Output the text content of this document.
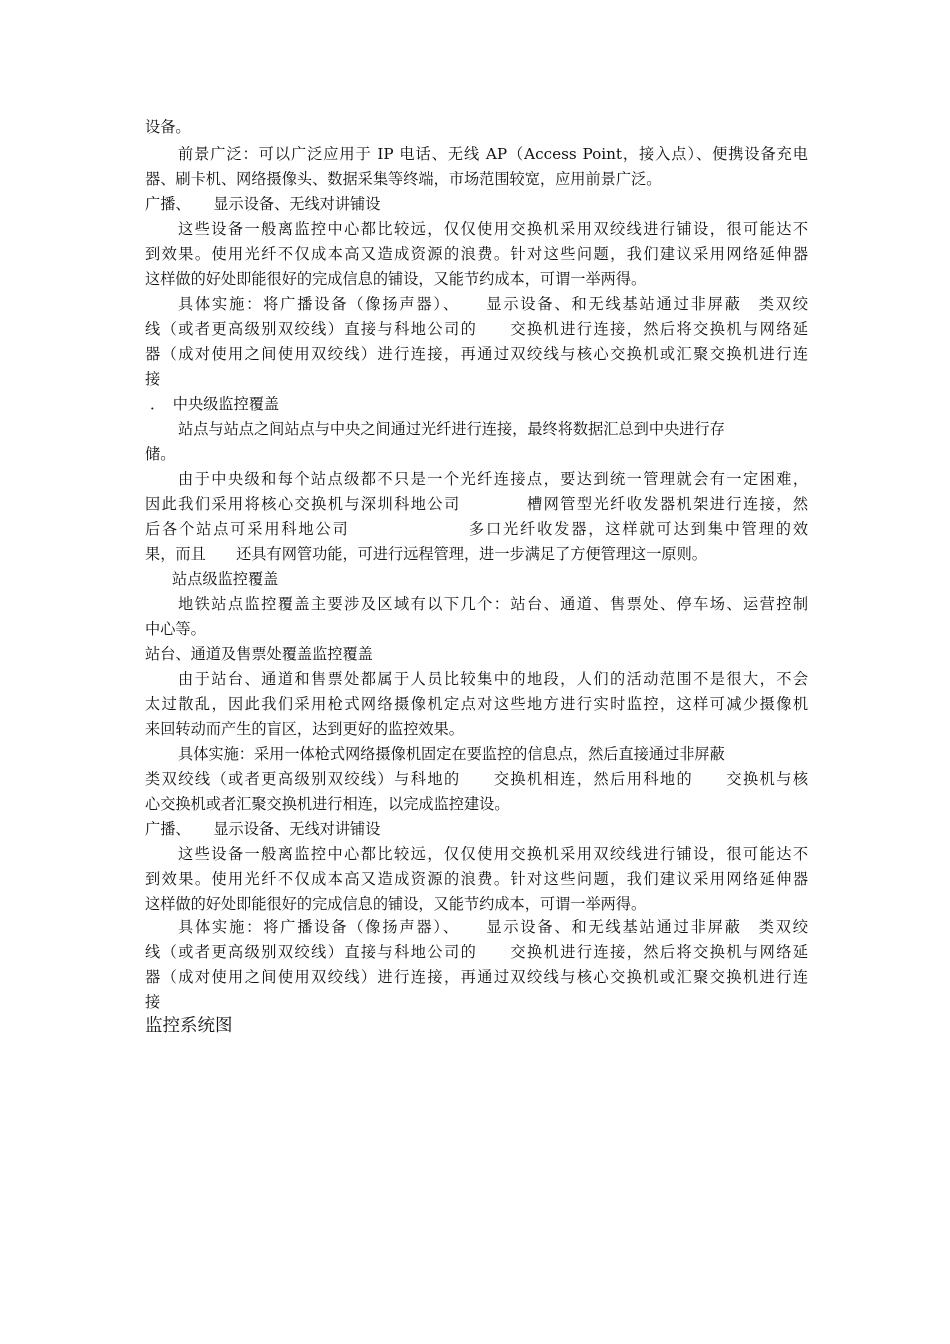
设备。
前景广泛：可以广泛应用于 IP 电话、无线 AP（Access Point，接入点）、便携设备充电
器、刷卡机、网络摄像头、数据采集等终端，市场范围较宽，应用前景广泛。
广播、　　显示设备、无线对讲铺设
这些设备一般离监控中心都比较远，仅仅使用交换机采用双绞线进行铺设，很可能达不
到效果。使用光纤不仅成本高又造成资源的浪费。针对这些问题，我们建议采用网络延伸器
这样做的好处即能很好的完成信息的铺设，又能节约成本，可谓一举两得。
具体实施：将广播设备（像扬声器）、　　显示设备、和无线基站通过非屏蔽　类双绞
线（或者更高级别双绞线）直接与科地公司的　　交换机进行连接，然后将交换机与网络延
器（成对使用之间使用双绞线）进行连接，再通过双绞线与核心交换机或汇聚交换机进行连
接
．　中央级监控覆盖
站点与站点之间站点与中央之间通过光纤进行连接，最终将数据汇总到中央进行存
储。
由于中央级和每个站点级都不只是一个光纤连接点，要达到统一管理就会有一定困难，
因此我们采用将核心交换机与深圳科地公司　　　　槽网管型光纤收发器机架进行连接，然
后各个站点可采用科地公司　　　　　　　多口光纤收发器，这样就可达到集中管理的效
果，而且　　还具有网管功能，可进行远程管理，进一步满足了方便管理这一原则。
站点级监控覆盖
地铁站点监控覆盖主要涉及区域有以下几个：站台、通道、售票处、停车场、运营控制
中心等。
站台、通道及售票处覆盖监控覆盖
由于站台、通道和售票处都属于人员比较集中的地段，人们的活动范围不是很大，不会
太过散乱，因此我们采用枪式网络摄像机定点对这些地方进行实时监控，这样可减少摄像机
来回转动而产生的盲区，达到更好的监控效果。
具体实施：采用一体枪式网络摄像机固定在要监控的信息点，然后直接通过非屏蔽
类双绞线（或者更高级别双绞线）与科地的　　交换机相连，然后用科地的　　交换机与核
心交换机或者汇聚交换机进行相连，以完成监控建设。
广播、　　显示设备、无线对讲铺设
这些设备一般离监控中心都比较远，仅仅使用交换机采用双绞线进行铺设，很可能达不
到效果。使用光纤不仅成本高又造成资源的浪费。针对这些问题，我们建议采用网络延伸器
这样做的好处即能很好的完成信息的铺设，又能节约成本，可谓一举两得。
具体实施：将广播设备（像扬声器）、　　显示设备、和无线基站通过非屏蔽　类双绞
线（或者更高级别双绞线）直接与科地公司的　　交换机进行连接，然后将交换机与网络延
器（成对使用之间使用双绞线）进行连接，再通过双绞线与核心交换机或汇聚交换机进行连
接
监控系统图
